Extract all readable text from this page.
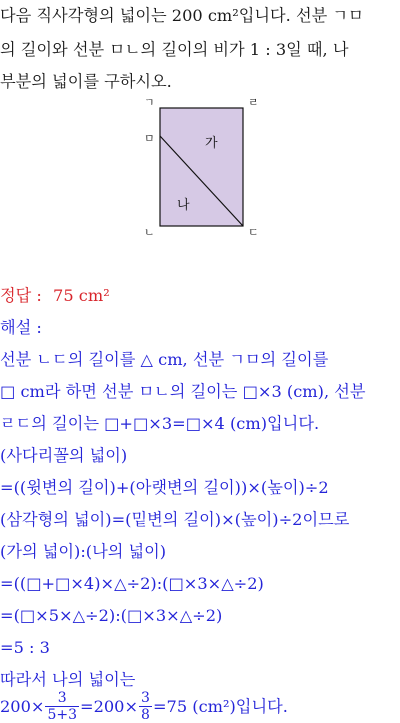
다음 직사각형의 넓이는 200 cm²입니다. 선분 ㄱㅁ
의 길이와 선분 ㅁㄴ의 길이의 비가 1 : 3일 때, 나
부분의 넓이를 구하시오.
ㄱ	ㄹ
ㅁ
ㄴ	ㄷ
가
나
정답 : 75 cm²
해설 :
선분 ㄴㄷ의 길이를 △ cm, 선분 ㄱㅁ의 길이를
□ cm라 하면 선분 ㅁㄴ의 길이는 □×3 (cm), 선분
ㄹㄷ의 길이는 □+□×3=□×4 (cm)입니다.
(사다리꼴의 넓이)
=((윗변의 길이)+(아랫변의 길이))×(높이)÷2
(삼각형의 넓이)=(밑변의 길이)×(높이)÷2이므로
(가의 넓이):(나의 넓이)
=((□+□×4)×△÷2):(□×3×△÷2)
=(□×5×△÷2):(□×3×△÷2)
=5 : 3
따라서 나의 넓이는
$200\times \frac{3}{5+3} =200\times \frac{3}{8} =75$ (cm²)입니다.
